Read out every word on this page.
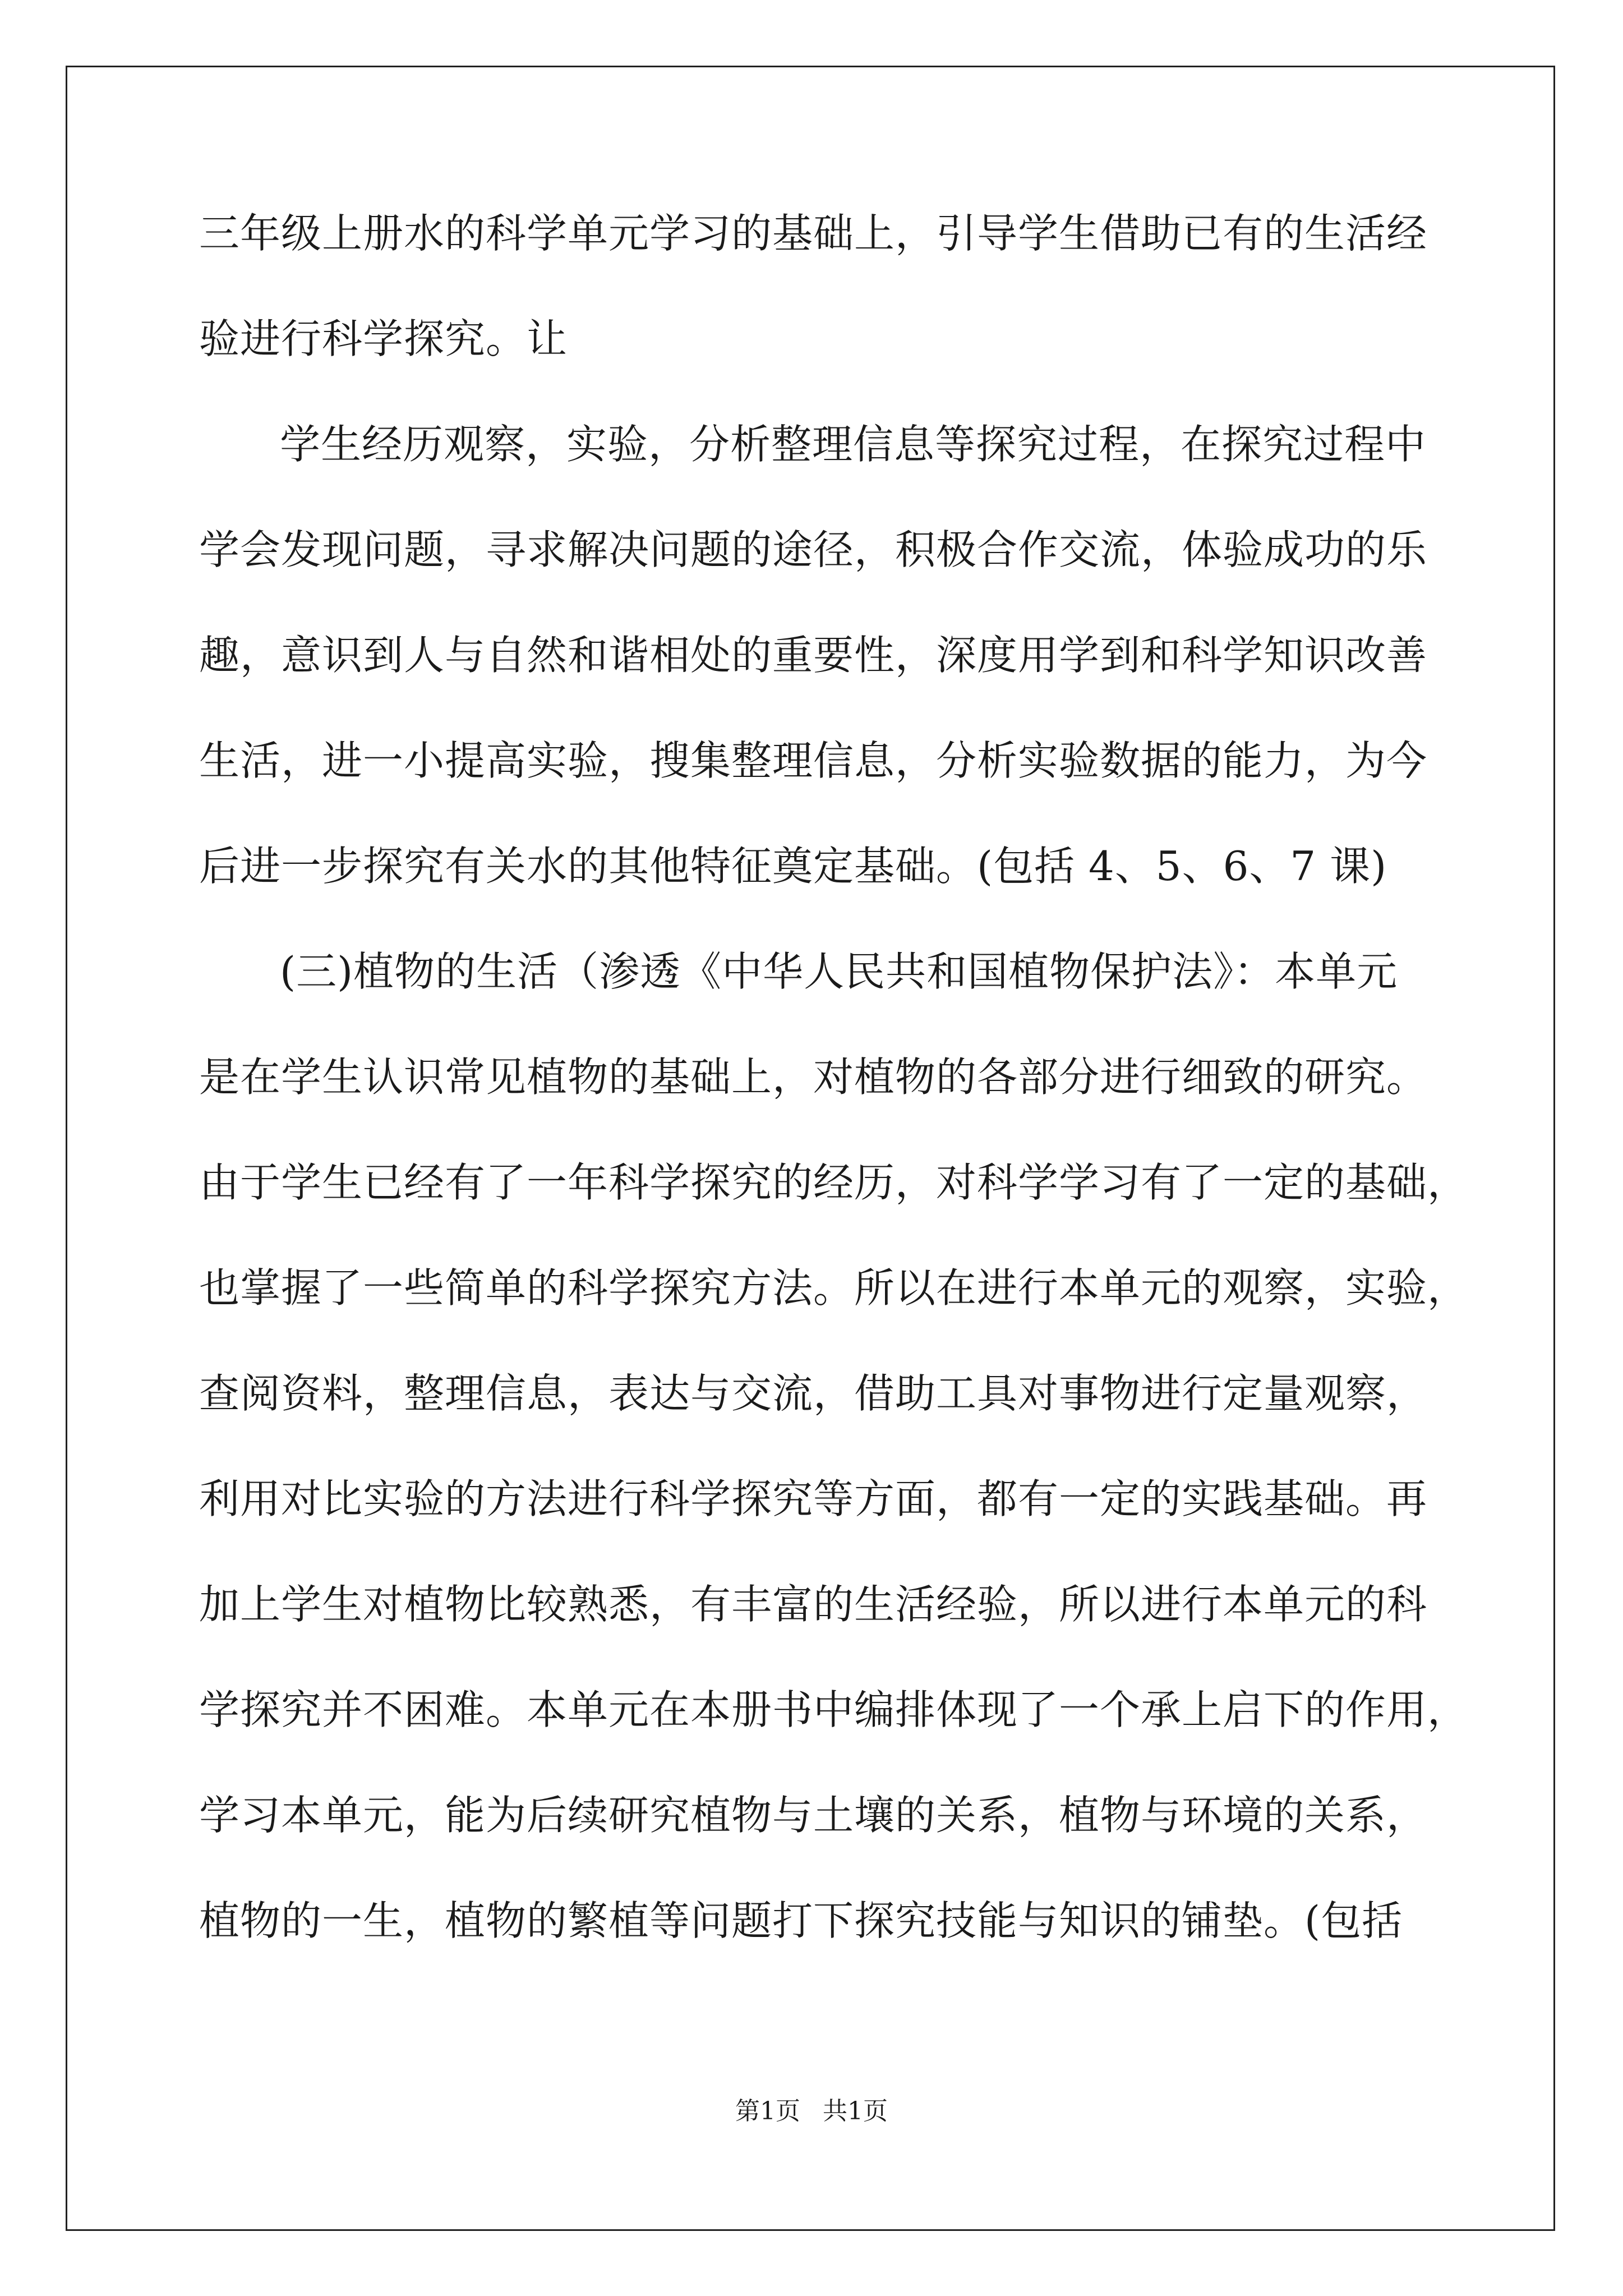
三年级上册水的科学单元学习的基础上，引导学生借助已有的生活经
验进行科学探究。让
学生经历观察，实验，分析整理信息等探究过程，在探究过程中
学会发现问题，寻求解决问题的途径，积极合作交流，体验成功的乐
趣，意识到人与自然和谐相处的重要性，深度用学到和科学知识改善
生活，进一小提高实验，搜集整理信息，分析实验数据的能力，为今
后进一步探究有关水的其他特征奠定基础。(包括 4、5、6、7 课)
(三)植物的生活（渗透《中华人民共和国植物保护法》：本单元
是在学生认识常见植物的基础上，对植物的各部分进行细致的研究。
由于学生已经有了一年科学探究的经历，对科学学习有了一定的基础，
也掌握了一些简单的科学探究方法。所以在进行本单元的观察，实验，
查阅资料，整理信息，表达与交流，借助工具对事物进行定量观察，
利用对比实验的方法进行科学探究等方面，都有一定的实践基础。再
加上学生对植物比较熟悉，有丰富的生活经验，所以进行本单元的科
学探究并不困难。本单元在本册书中编排体现了一个承上启下的作用，
学习本单元，能为后续研究植物与土壤的关系，植物与环境的关系，
植物的一生，植物的繁植等问题打下探究技能与知识的铺垫。(包括
第1页 共1页
